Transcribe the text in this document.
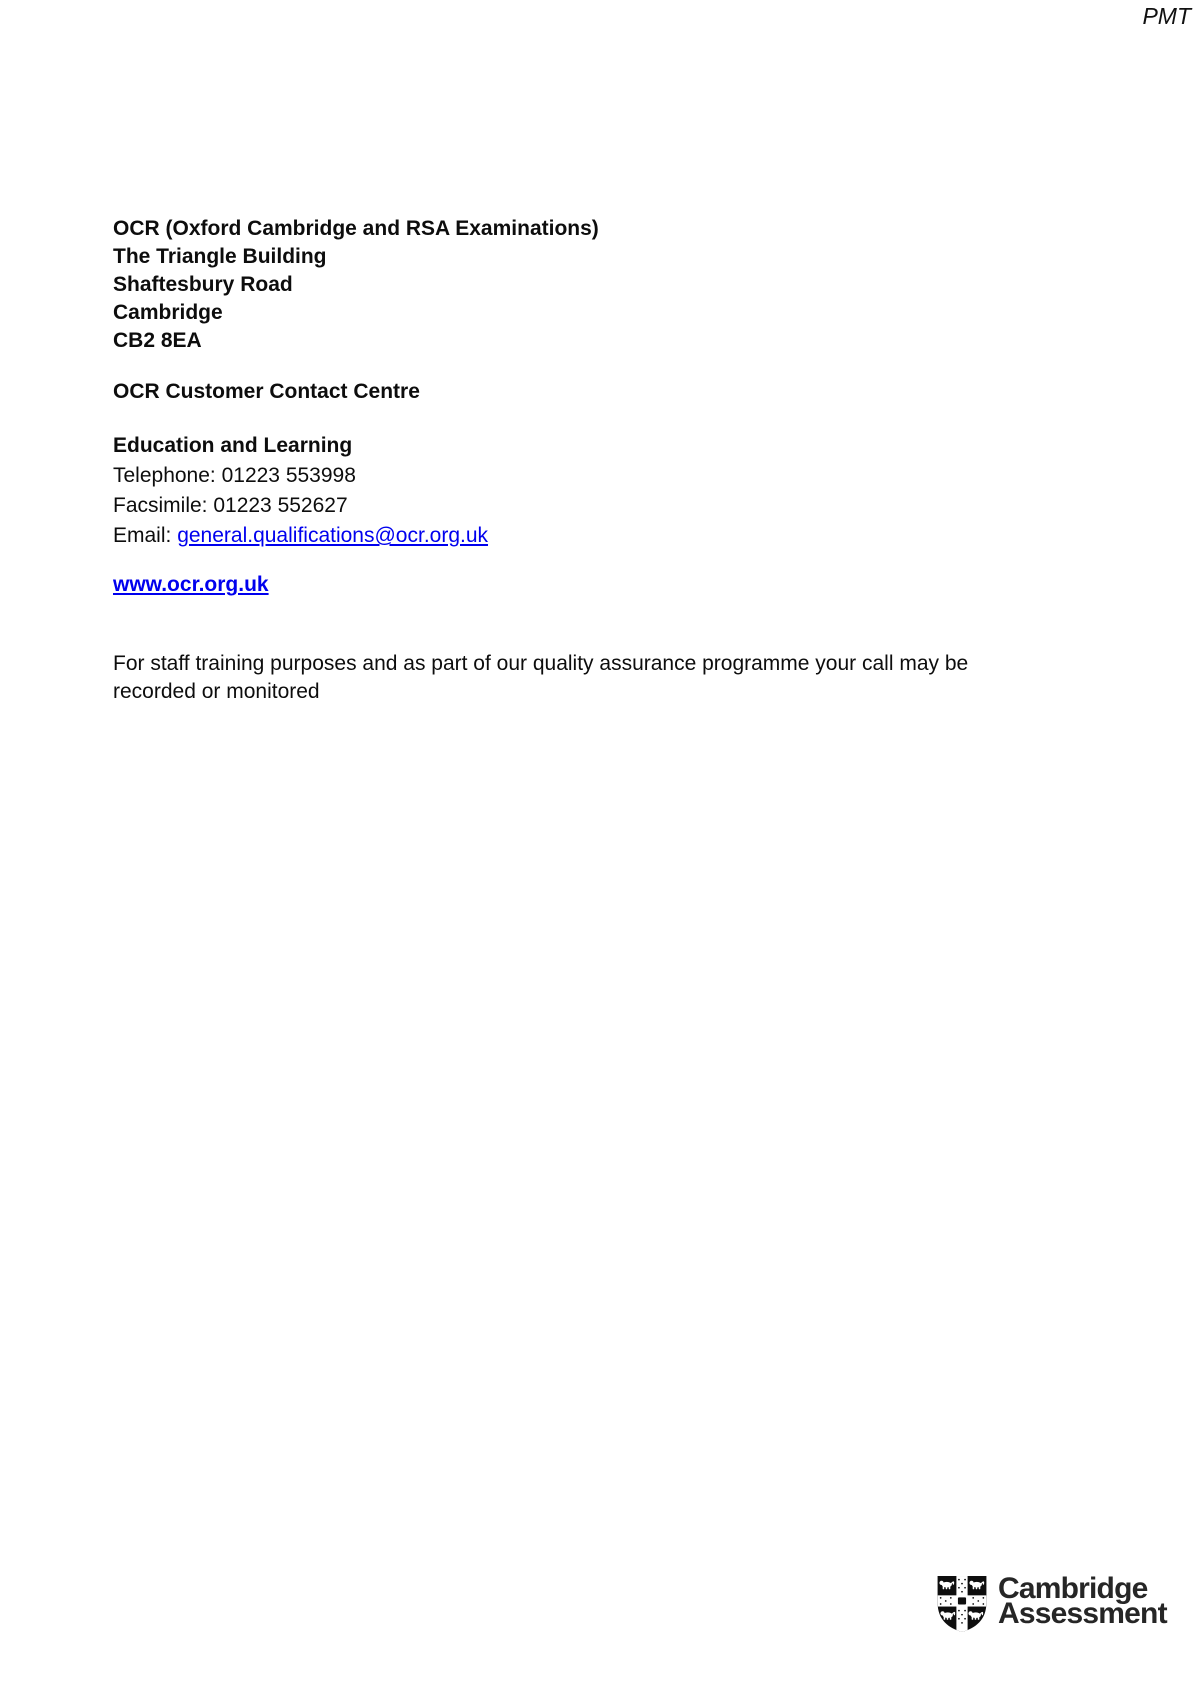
PMT
OCR (Oxford Cambridge and RSA Examinations)
The Triangle Building
Shaftesbury Road
Cambridge
CB2 8EA
OCR Customer Contact Centre
Education and Learning
Telephone: 01223 553998
Facsimile: 01223 552627
Email: general.qualifications@ocr.org.uk
www.ocr.org.uk
For staff training purposes and as part of our quality assurance programme your call may be
recorded or monitored
Cambridge
Assessment
